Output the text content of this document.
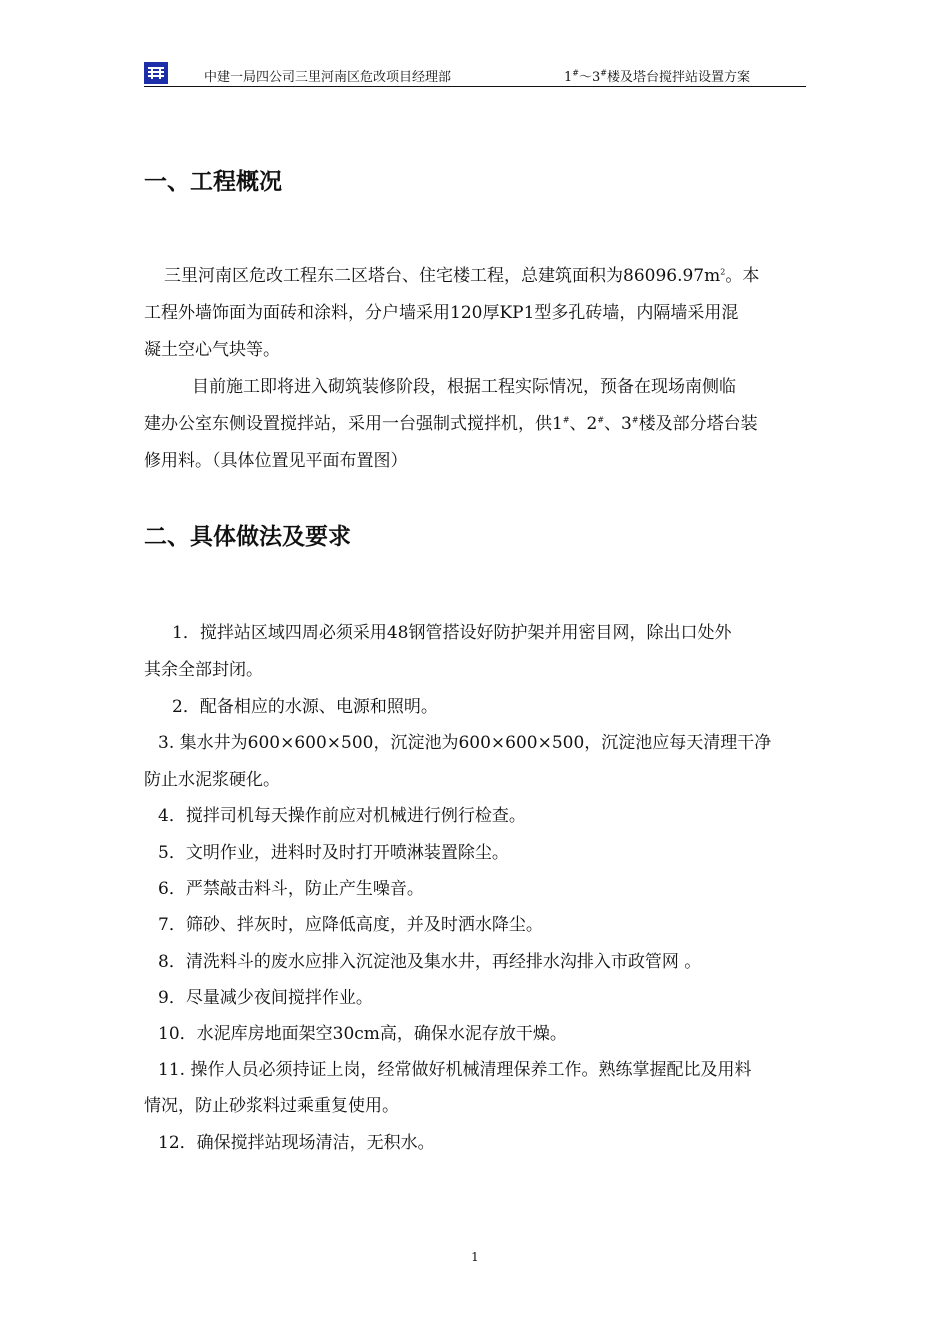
中建一局四公司三里河南区危改项目经理部	1#～3#楼及塔台搅拌站设置方案
一、工程概况

三里河南区危改工程东二区塔台、住宅楼工程，总建筑面积为$86096.97m^2$。本
工程外墙饰面为面砖和涂料，分户墙采用120厚KP1型多孔砖墙，内隔墙采用混
凝土空心气块等。

目前施工即将进入砌筑装修阶段，根据工程实际情况，预备在现场南侧临
建办公室东侧设置搅拌站，采用一台强制式搅拌机，供1#、2#、3#楼及部分塔台装
修用料。（具体位置见平面布置图）

二、具体做法及要求

1．搅拌站区域四周必须采用48钢管搭设好防护架并用密目网，除出口处外

其余全部封闭。

2．配备相应的水源、电源和照明。

3. 集水井为600×600×500，沉淀池为600×600×500，沉淀池应每天清理干净

防止水泥浆硬化。

4．搅拌司机每天操作前应对机械进行例行检查。

5．文明作业，进料时及时打开喷淋装置除尘。

6．严禁敲击料斗，防止产生噪音。

7．筛砂、拌灰时，应降低高度，并及时洒水降尘。

8．清洗料斗的废水应排入沉淀池及集水井，再经排水沟排入市政管网 。

9．尽量减少夜间搅拌作业。

10．水泥库房地面架空30cm高，确保水泥存放干燥。

11. 操作人员必须持证上岗，经常做好机械清理保养工作。熟练掌握配比及用料

情况，防止砂浆料过乘重复使用。

12．确保搅拌站现场清洁，无积水。

1
